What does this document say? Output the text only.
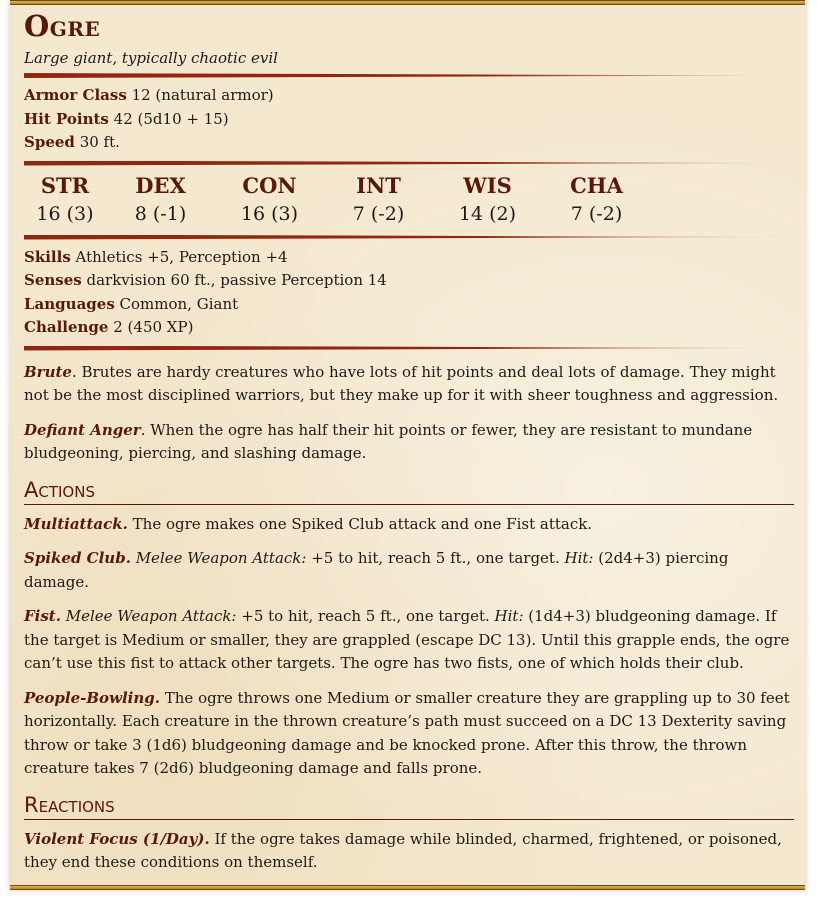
Ogre
Large giant, typically chaotic evil
Armor Class 12 (natural armor)
Hit Points 42 (5d10 + 15)
Speed 30 ft.
STR
16 (3)
DEX
8 (-1)
CON
16 (3)
INT
7 (-2)
WIS
14 (2)
CHA
7 (-2)
Skills Athletics +5, Perception +4
Senses darkvision 60 ft., passive Perception 14
Languages Common, Giant
Challenge 2 (450 XP)

Brute. Brutes are hardy creatures who have lots of hit points and deal lots of damage. They might not be the most disciplined warriors, but they make up for it with sheer toughness and aggression.

Defiant Anger. When the ogre has half their hit points or fewer, they are resistant to mundane bludgeoning, piercing, and slashing damage.

Actions

Multiattack. The ogre makes one Spiked Club attack and one Fist attack.

Spiked Club. Melee Weapon Attack: +5 to hit, reach 5 ft., one target. Hit: (2d4+3) piercing damage.

Fist. Melee Weapon Attack: +5 to hit, reach 5 ft., one target. Hit: (1d4+3) bludgeoning damage. If the target is Medium or smaller, they are grappled (escape DC 13). Until this grapple ends, the ogre can’t use this fist to attack other targets. The ogre has two fists, one of which holds their club.

People-Bowling. The ogre throws one Medium or smaller creature they are grappling up to 30 feet horizontally. Each creature in the thrown creature’s path must succeed on a DC 13 Dexterity saving throw or take 3 (1d6) bludgeoning damage and be knocked prone. After this throw, the thrown creature takes 7 (2d6) bludgeoning damage and falls prone.

Reactions

Violent Focus (1/Day). If the ogre takes damage while blinded, charmed, frightened, or poisoned, they end these conditions on themself.
